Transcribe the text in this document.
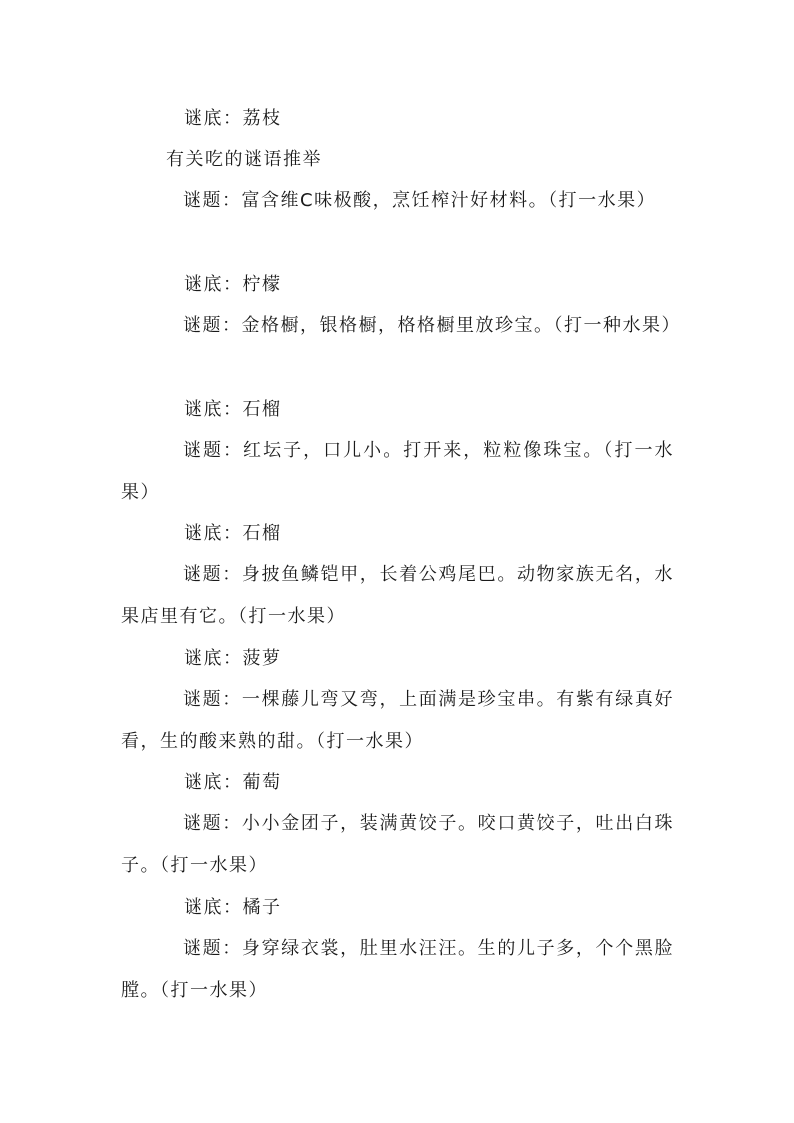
谜底：荔枝
有关吃的谜语推举
谜题：富含维C味极酸，烹饪榨汁好材料。（打一水果）
谜底：柠檬
谜题：金格橱，银格橱，格格橱里放珍宝。（打一种水果）
谜底：石榴
谜题：红坛子，口儿小。打开来，粒粒像珠宝。（打一水果）
谜底：石榴
谜题：身披鱼鳞铠甲，长着公鸡尾巴。动物家族无名，水果店里有它。（打一水果）
谜底：菠萝
谜题：一棵藤儿弯又弯，上面满是珍宝串。有紫有绿真好看，生的酸来熟的甜。（打一水果）
谜底：葡萄
谜题：小小金团子，装满黄饺子。咬口黄饺子，吐出白珠子。（打一水果）
谜底：橘子
谜题：身穿绿衣裳，肚里水汪汪。生的儿子多，个个黑脸膛。（打一水果）
